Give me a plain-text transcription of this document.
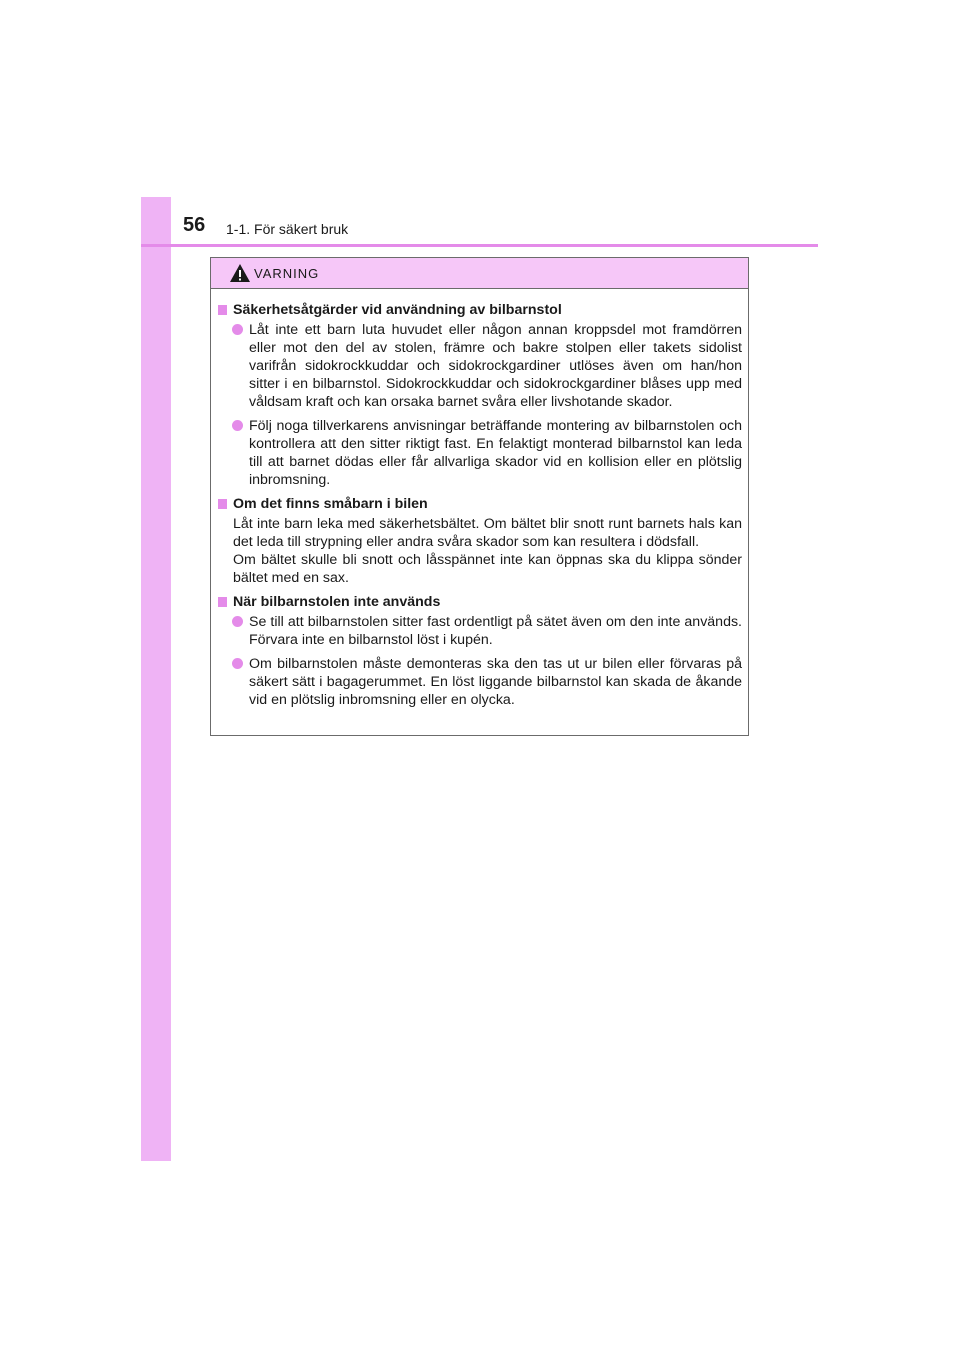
56 1-1. För säkert bruk
VARNING
Säkerhetsåtgärder vid användning av bilbarnstol
Låt inte ett barn luta huvudet eller någon annan kroppsdel mot framdörren eller mot den del av stolen, främre och bakre stolpen eller takets sidolist varifrån sidokrockkuddar och sidokrockgardiner utlöses även om han/hon sitter i en bilbarnstol. Sidokrockkuddar och sidokrockgardiner blåses upp med våldsam kraft och kan orsaka barnet svåra eller livshotande skador.
Följ noga tillverkarens anvisningar beträffande montering av bilbarnstolen och kontrollera att den sitter riktigt fast. En felaktigt monterad bilbarnstol kan leda till att barnet dödas eller får allvarliga skador vid en kollision eller en plötslig inbromsning.
Om det finns småbarn i bilen
Låt inte barn leka med säkerhetsbältet. Om bältet blir snott runt barnets hals kan det leda till strypning eller andra svåra skador som kan resultera i dödsfall.
Om bältet skulle bli snott och låsspännet inte kan öppnas ska du klippa sönder bältet med en sax.
När bilbarnstolen inte används
Se till att bilbarnstolen sitter fast ordentligt på sätet även om den inte används. Förvara inte en bilbarnstol löst i kupén.
Om bilbarnstolen måste demonteras ska den tas ut ur bilen eller förvaras på säkert sätt i bagagerummet. En löst liggande bilbarnstol kan skada de åkande vid en plötslig inbromsning eller en olycka.
